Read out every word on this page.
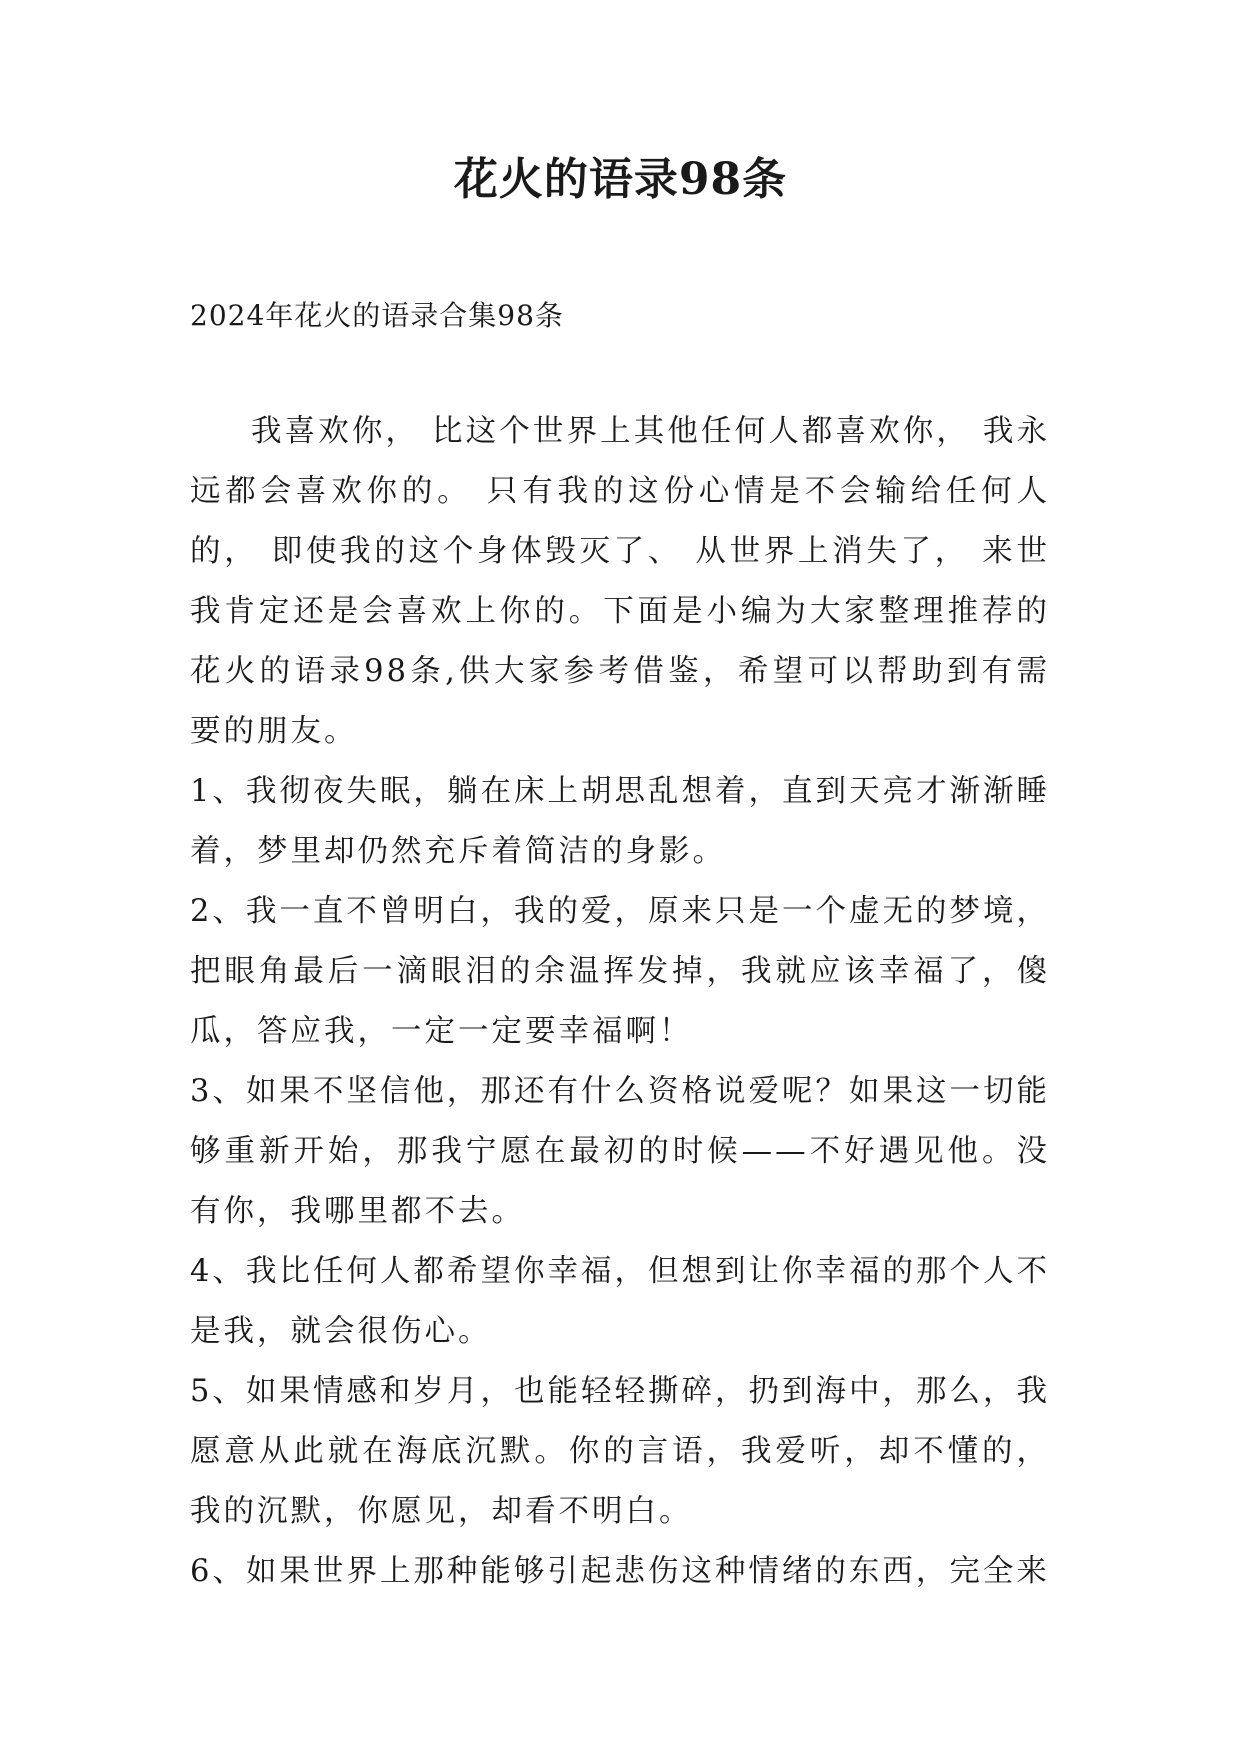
花火的语录98条

2024年花火的语录合集98条

我喜欢你， 比这个世界上其他任何人都喜欢你， 我永远都会喜欢你的。 只有我的这份心情是不会输给任何人的， 即使我的这个身体毁灭了、 从世界上消失了， 来世我肯定还是会喜欢上你的。下面是小编为大家整理推荐的花火的语录98条,供大家参考借鉴，希望可以帮助到有需要的朋友。

1、我彻夜失眠，躺在床上胡思乱想着，直到天亮才渐渐睡着，梦里却仍然充斥着简洁的身影。

2、我一直不曾明白，我的爱，原来只是一个虚无的梦境，把眼角最后一滴眼泪的余温挥发掉，我就应该幸福了，傻瓜，答应我，一定一定要幸福啊！

3、如果不坚信他，那还有什么资格说爱呢？如果这一切能够重新开始，那我宁愿在最初的时候——不好遇见他。没有你，我哪里都不去。

4、我比任何人都希望你幸福，但想到让你幸福的那个人不是我，就会很伤心。

5、如果情感和岁月，也能轻轻撕碎，扔到海中，那么，我愿意从此就在海底沉默。你的言语，我爱听，却不懂的，我的沉默，你愿见，却看不明白。

6、如果世界上那种能够引起悲伤这种情绪的东西，完全来
